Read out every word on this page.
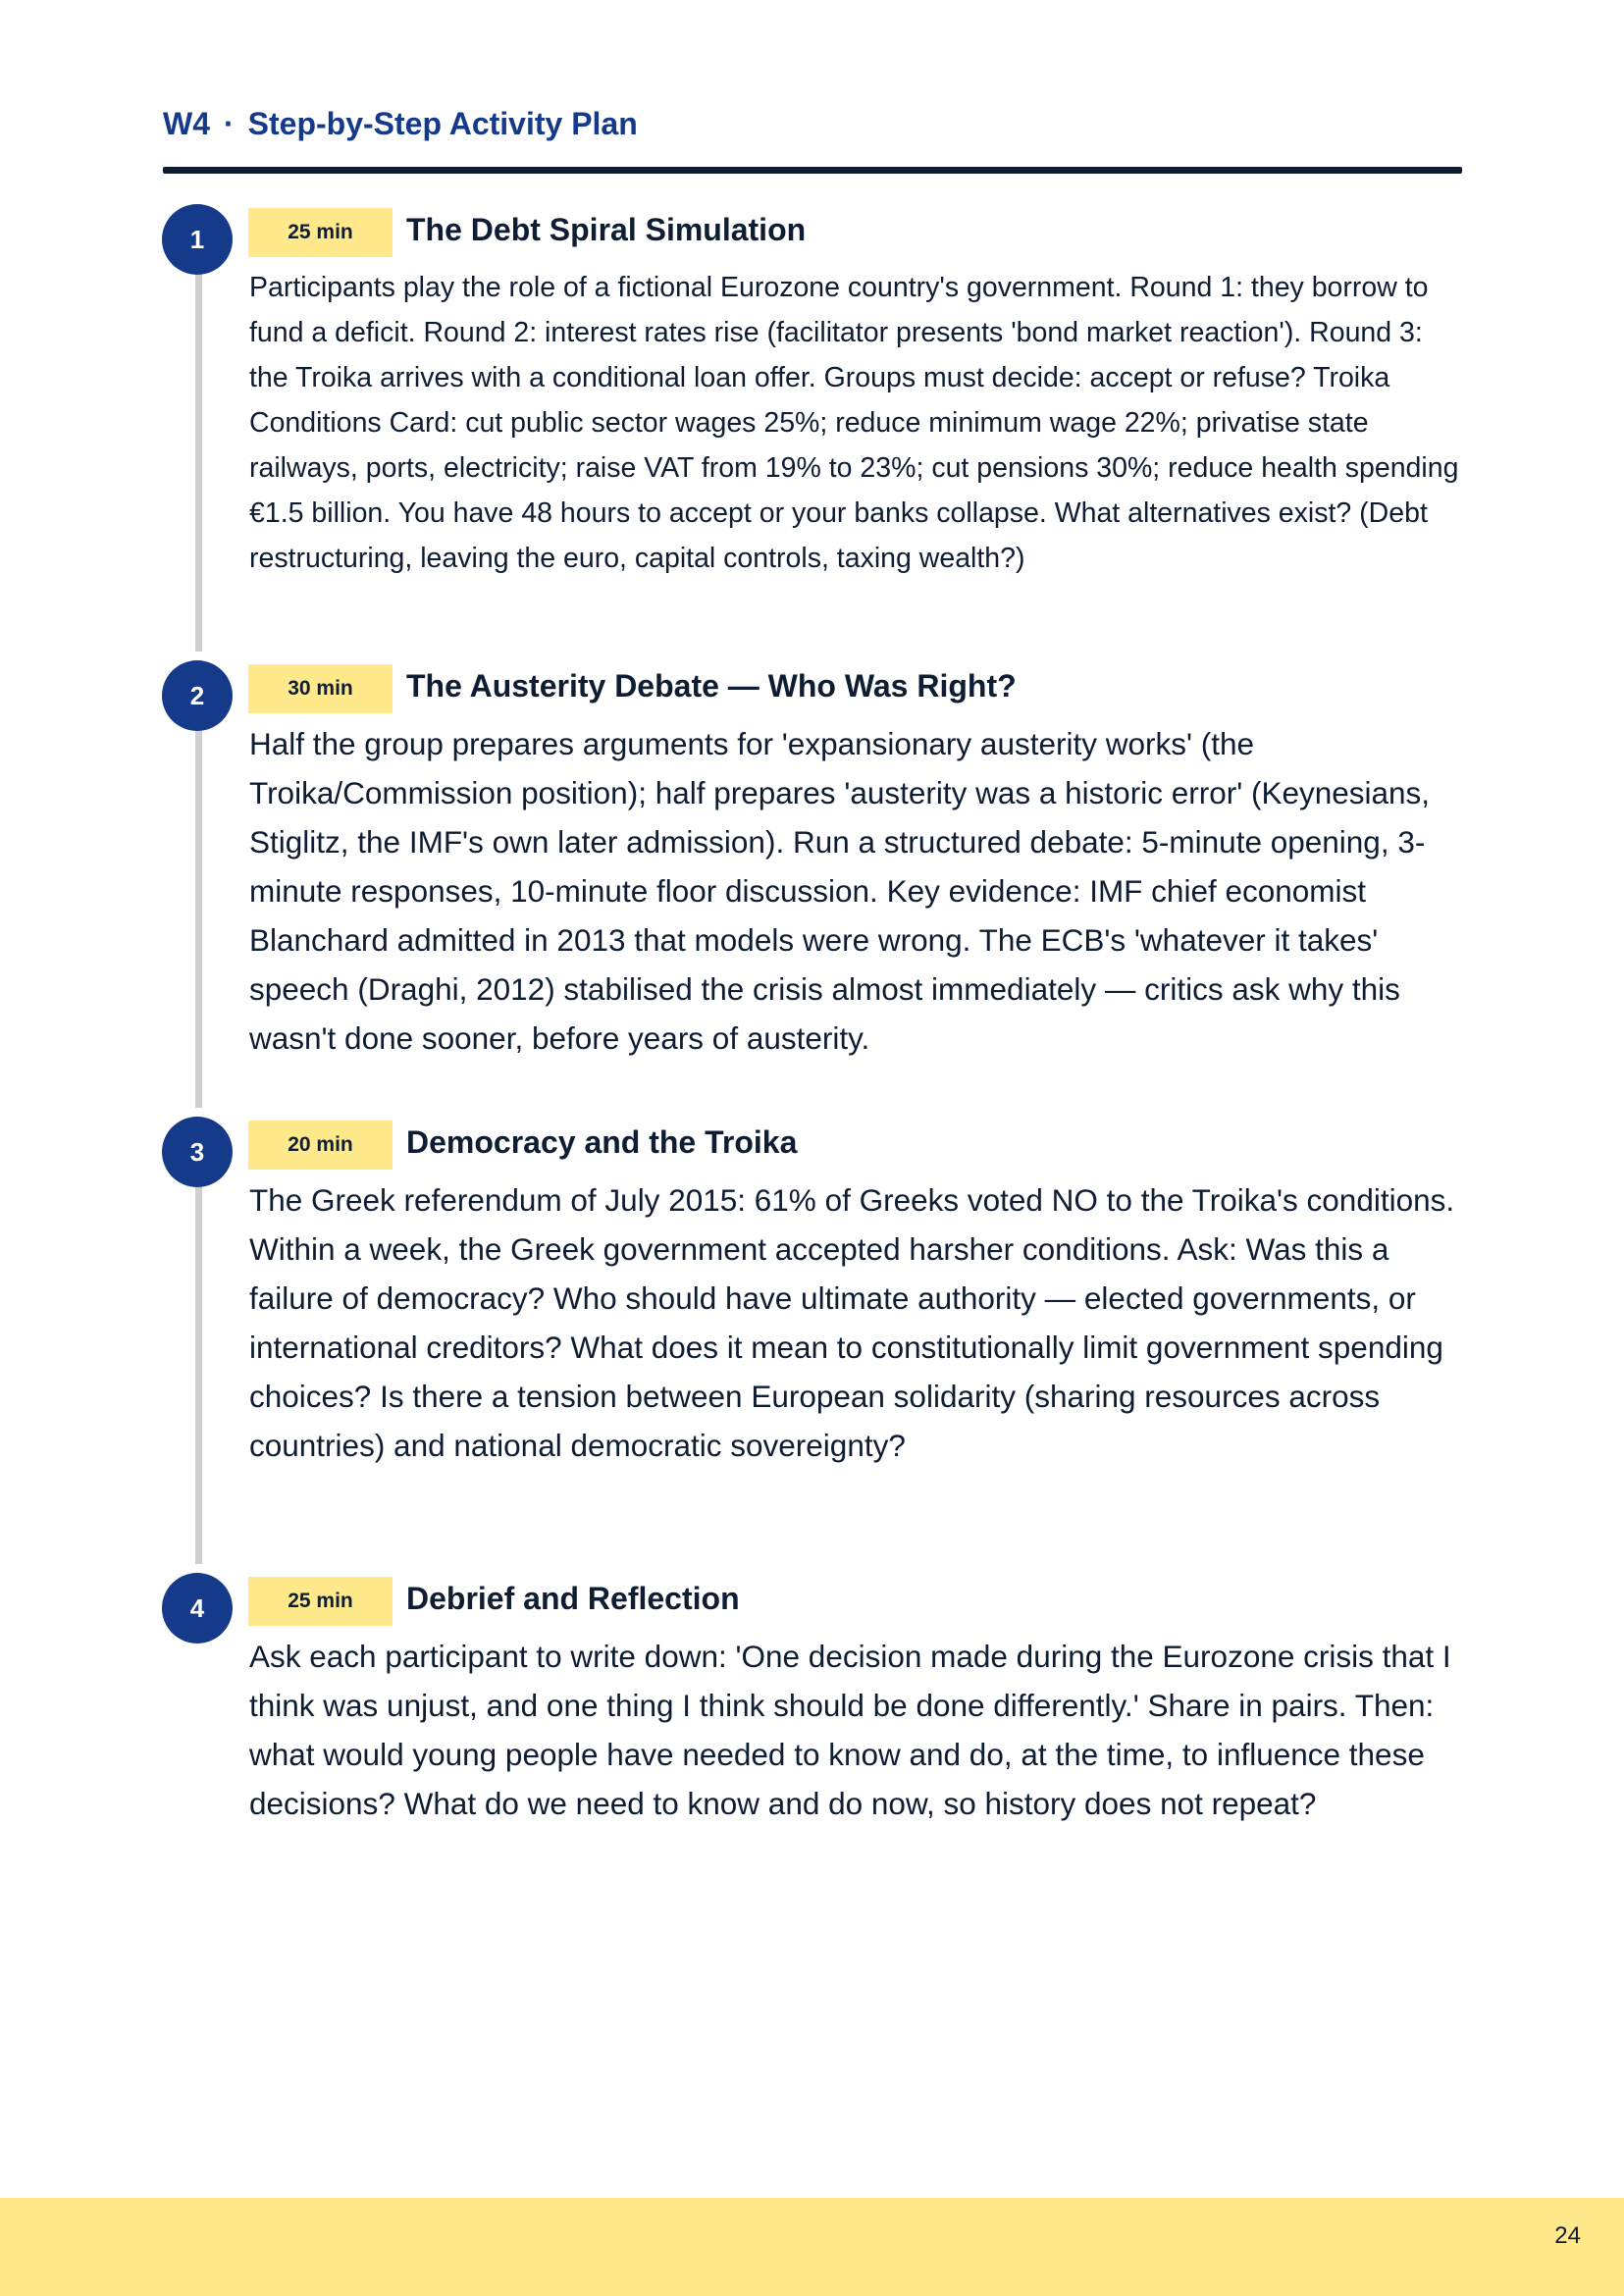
W4 · Step-by-Step Activity Plan
1	25 min	The Debt Spiral Simulation
Participants play the role of a fictional Eurozone country's government. Round 1: they borrow to fund a deficit. Round 2: interest rates rise (facilitator presents 'bond market reaction'). Round 3: the Troika arrives with a conditional loan offer. Groups must decide: accept or refuse? Troika Conditions Card: cut public sector wages 25%; reduce minimum wage 22%; privatise state railways, ports, electricity; raise VAT from 19% to 23%; cut pensions 30%; reduce health spending €1.5 billion. You have 48 hours to accept or your banks collapse. What alternatives exist? (Debt restructuring, leaving the euro, capital controls, taxing wealth?)
2	30 min	The Austerity Debate — Who Was Right?
Half the group prepares arguments for 'expansionary austerity works' (the Troika/Commission position); half prepares 'austerity was a historic error' (Keynesians, Stiglitz, the IMF's own later admission). Run a structured debate: 5-minute opening, 3-minute responses, 10-minute floor discussion. Key evidence: IMF chief economist Blanchard admitted in 2013 that models were wrong. The ECB's 'whatever it takes' speech (Draghi, 2012) stabilised the crisis almost immediately — critics ask why this wasn't done sooner, before years of austerity.
3	20 min	Democracy and the Troika
The Greek referendum of July 2015: 61% of Greeks voted NO to the Troika's conditions. Within a week, the Greek government accepted harsher conditions. Ask: Was this a failure of democracy? Who should have ultimate authority — elected governments, or international creditors? What does it mean to constitutionally limit government spending choices? Is there a tension between European solidarity (sharing resources across countries) and national democratic sovereignty?
4	25 min	Debrief and Reflection
Ask each participant to write down: 'One decision made during the Eurozone crisis that I think was unjust, and one thing I think should be done differently.' Share in pairs. Then: what would young people have needed to know and do, at the time, to influence these decisions? What do we need to know and do now, so history does not repeat?
24
